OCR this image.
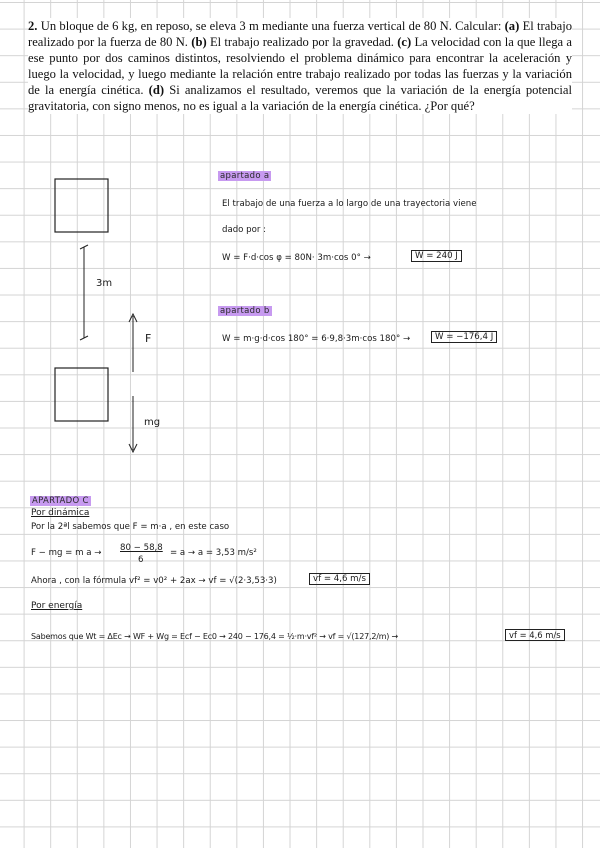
2. Un bloque de 6 kg, en reposo, se eleva 3 m mediante una fuerza vertical de 80 N. Calcular: (a) El trabajo realizado por la fuerza de 80 N. (b) El trabajo realizado por la gravedad. (c) La velocidad con la que llega a ese punto por dos caminos distintos, resolviendo el problema dinámico para encontrar la aceleración y luego la velocidad, y luego mediante la relación entre trabajo realizado por todas las fuerzas y la variación de la energía cinética. (d) Si analizamos el resultado, veremos que la variación de la energía potencial gravitatoria, con signo menos, no es igual a la variación de la energía cinética. ¿Por qué?

3m
F
mg
apartado a
El trabajo de una fuerza a lo largo de una trayectoria viene
dado por :
W = F·d·cos φ = 80N· 3m·cos 0° →	W = 240 J
apartado b
W = m·g·d·cos 180° = 6·9,8·3m·cos 180° →	W = −176,4 J
APARTADO C
Por dinámica
Por la 2ªl sabemos que F = m·a , en este caso
F − mg = m a → 80 − 58,8
6
= a → a = 3,53 m/s²
Ahora , con la fórmula vf² = v0² + 2ax → vf = √(2·3,53·3)	vf = 4,6 m/s
Por energía
Sabemos que Wt = ΔEc → WF + Wg = Ecf − Ec0 → 240 − 176,4 = ½·m·vf² → vf = √(127,2/m) →	vf = 4,6 m/s
